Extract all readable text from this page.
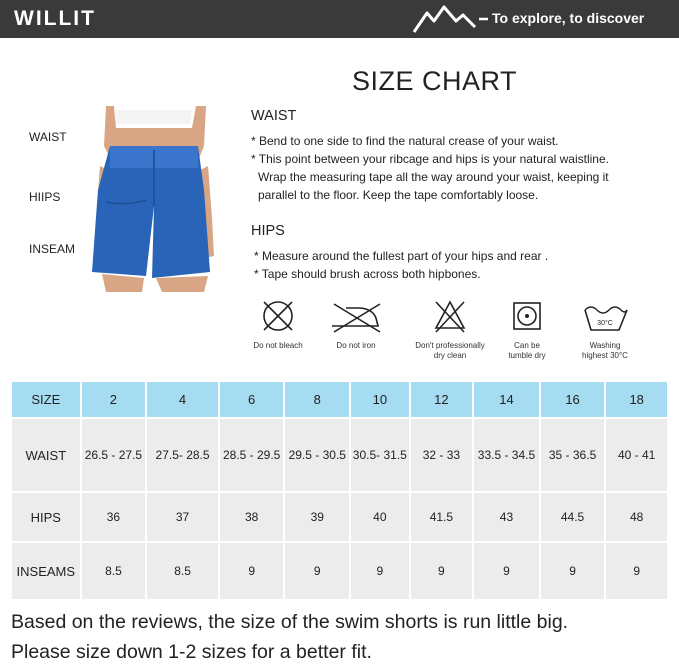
WILLIT	To explore, to discover
SIZE CHART
WAIST
HIIPS
INSEAM
WAIST
* Bend to one side to find the natural crease of your waist.
* This point between your ribcage and hips is your natural waistline.
Wrap the measuring tape all the way around your waist, keeping it
parallel to the floor. Keep the tape comfortably loose.
HIPS
* Measure around the fullest part of your hips and rear .
* Tape should brush across both hipbones.
Do not bleach	Do not iron	Don't professionally
dry clean
Can be
tumble dry
30°C
Washing
highest 30°C
SIZE	2	4	6	8	10	12	14	16	18
WAIST	26.5 - 27.5	27.5- 28.5	28.5 - 29.5	29.5 - 30.5	30.5- 31.5	32 - 33	33.5 - 34.5	35 - 36.5	40 - 41
HIPS	36	37	38	39	40	41.5	43	44.5	48
INSEAMS	8.5	8.5	9	9	9	9	9	9	9
Based on the reviews, the size of the swim shorts is run little big.
Please size down 1-2 sizes for a better fit.
